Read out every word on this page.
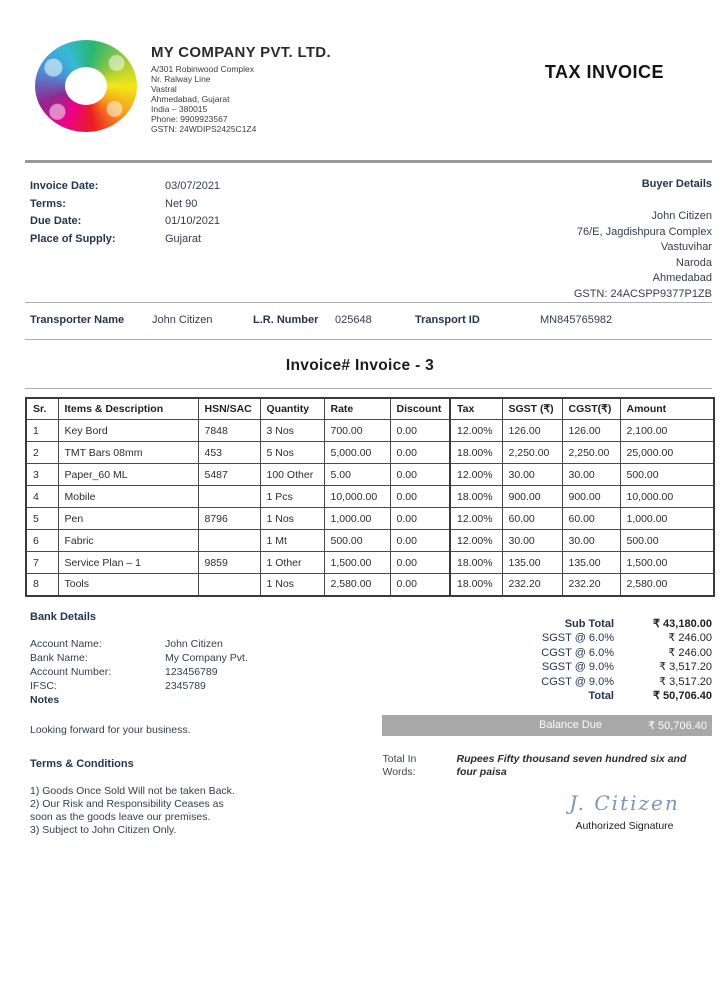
MY COMPANY PVT. LTD.
A/301 Robinwood Complex
Nr. Ralway Line
Vastral
Ahmedabad, Gujarat
India – 380015
Phone: 9909923567
GSTN: 24WDIPS2425C1Z4
TAX INVOICE
Invoice Date:	03/07/2021
Terms:	Net 90
Due Date:	01/10/2021
Place of Supply:	Gujarat
Buyer Details
John Citizen
76/E, Jagdishpura Complex
Vastuvihar
Naroda
Ahmedabad
GSTN: 24ACSPP9377P1ZB
Transporter Name	John Citizen	L.R. Number	025648	Transport ID	MN845765982
Invoice# Invoice - 3
Sr.	Items & Description	HSN/SAC	Quantity	Rate	Discount	Tax	SGST (₹)	CGST(₹)	Amount
1	Key Bord	7848	3 Nos	700.00	0.00	12.00%	126.00	126.00	2,100.00
2	TMT Bars 08mm	453	5 Nos	5,000.00	0.00	18.00%	2,250.00	2,250.00	25,000.00
3	Paper_60 ML	5487	100 Other	5.00	0.00	12.00%	30.00	30.00	500.00
4	Mobile		1 Pcs	10,000.00	0.00	18.00%	900.00	900.00	10,000.00
5	Pen	8796	1 Nos	1,000.00	0.00	12.00%	60.00	60.00	1,000.00
6	Fabric		1 Mt	500.00	0.00	12.00%	30.00	30.00	500.00
7	Service Plan – 1	9859	1 Other	1,500.00	0.00	18.00%	135.00	135.00	1,500.00
8	Tools		1 Nos	2,580.00	0.00	18.00%	232.20	232.20	2,580.00
Bank Details
Account Name:	John Citizen
Bank Name:	My Company Pvt.
Account Number:	123456789
IFSC:	2345789
Notes
Looking forward for your business.
Terms & Conditions
1) Goods Once Sold Will not be taken Back.
2) Our Risk and Responsibility Ceases as soon as the goods leave our premises.
3) Subject to John Citizen Only.
Sub Total	₹ 43,180.00
SGST @ 6.0%	₹ 246.00
CGST @ 6.0%	₹ 246.00
SGST @ 9.0%	₹ 3,517.20
CGST @ 9.0%	₹ 3,517.20
Total	₹ 50,706.40
Balance Due	₹ 50,706.40
Total In Words:
Rupees Fifty thousand seven hundred six and four paisa
J. Citizen
Authorized Signature
